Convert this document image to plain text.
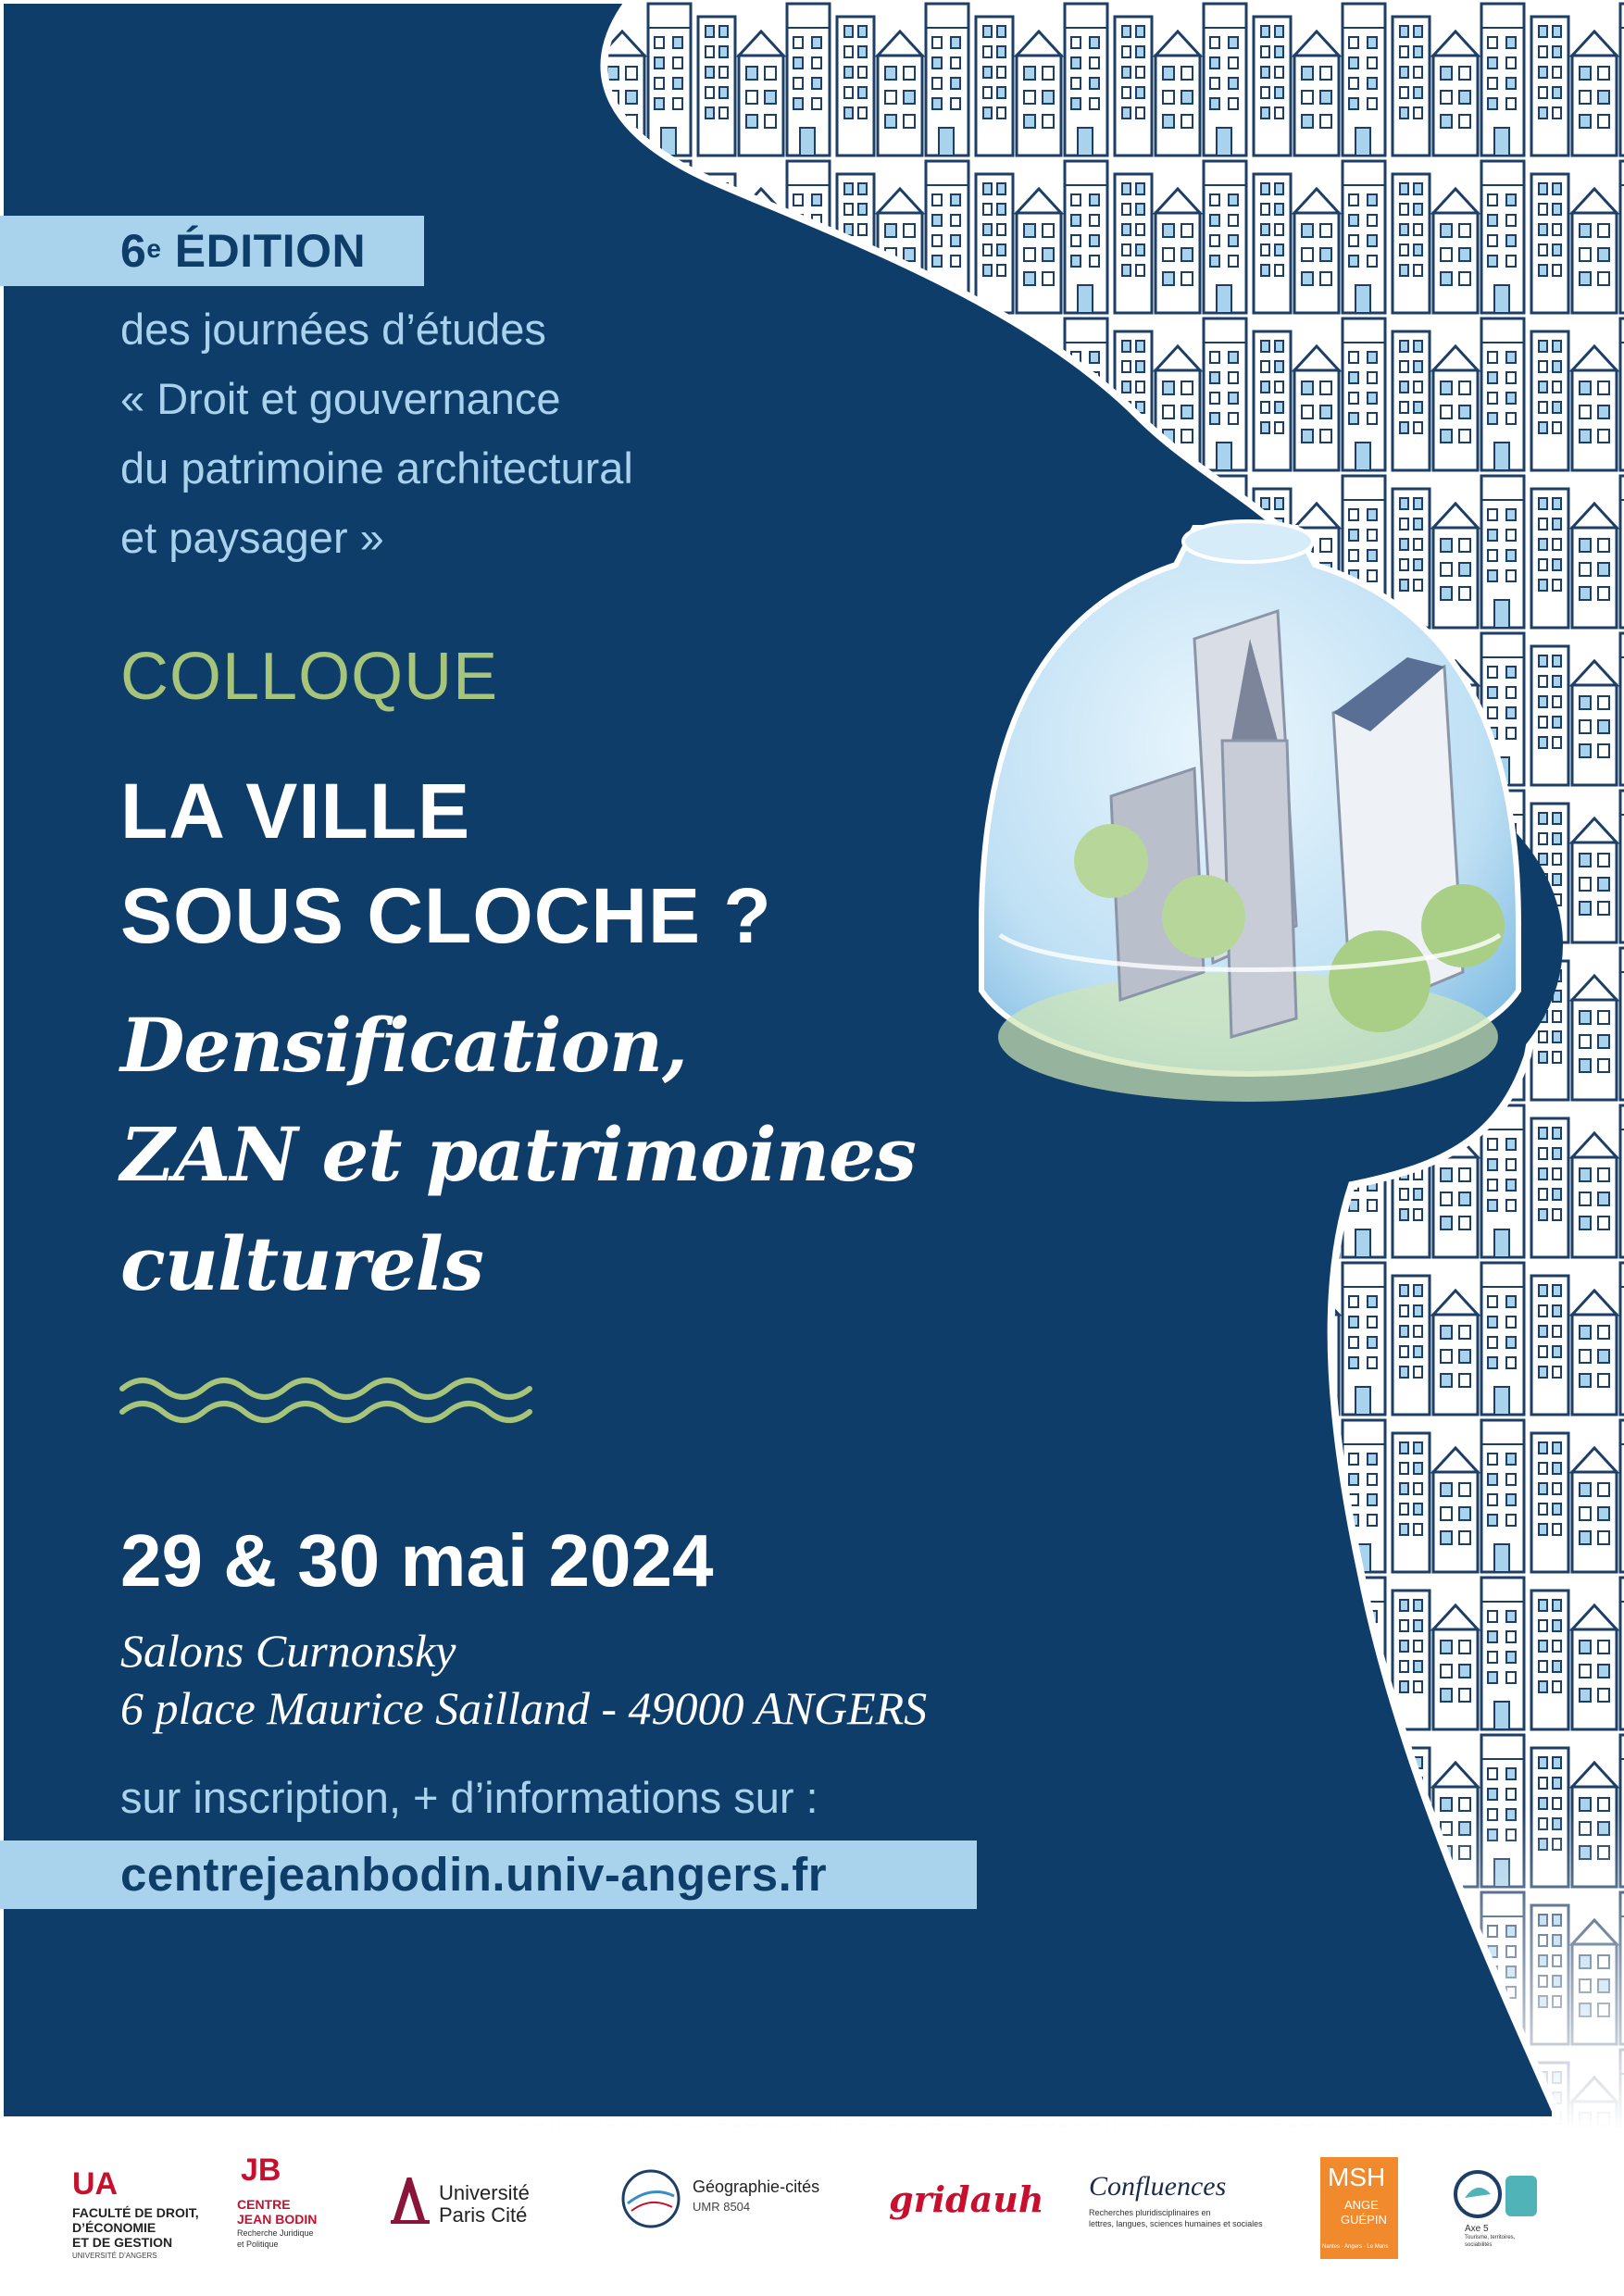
6e ÉDITION
des journées d’études
« Droit et gouvernance
du patrimoine architectural
et paysager »
COLLOQUE
LA VILLE
SOUS CLOCHE ?
Densification,
ZAN et patrimoines
culturels
29 & 30 mai 2024
Salons Curnonsky
6 place Maurice Sailland - 49000 ANGERS
sur inscription, + d’informations sur :
centrejeanbodin.univ-angers.fr

UA

FACULTÉ DE DROIT,

D’ÉCONOMIE

ET DE GESTION

UNIVERSITÉ D’ANGERS

JB

CENTRE

JEAN BODIN

Recherche Juridique

et Politique

Université

Paris Cité

Géographie-cités

UMR 8504	gridauh Confluences

Recherches pluridisciplinaires en

lettres, langues, sciences humaines et sociales

MSH

ANGE

GUÉPIN

Nantes · Angers · Le Mans

Axe 5

Tourisme, territoires,

sociabilités
